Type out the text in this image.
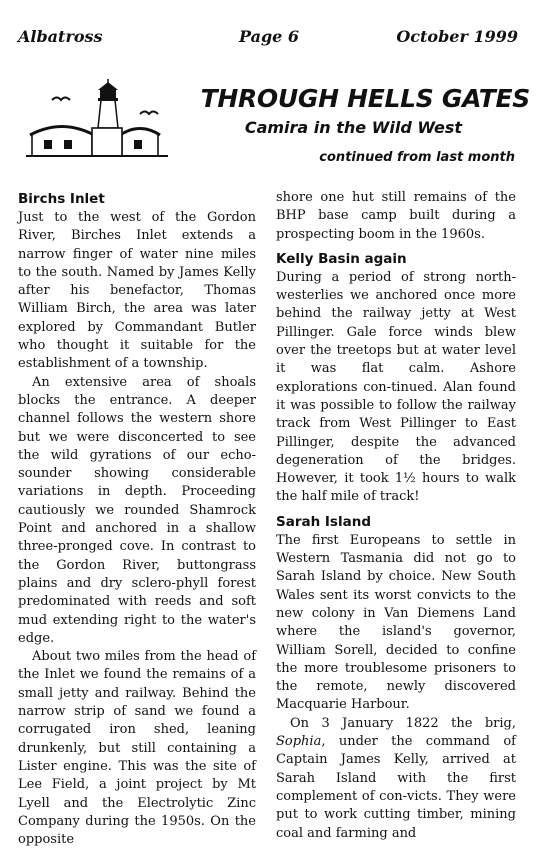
Albatross	Page 6	October 1999
THROUGH HELLS GATES
Camira in the Wild West
continued from last month
Birchs Inlet

Just to the west of the Gordon River, Birches Inlet extends a narrow finger of water nine miles to the south. Named by James Kelly after his benefactor, Thomas William Birch, the area was later explored by Commandant Butler who thought it suitable for the establishment of a township.

An extensive area of shoals blocks the entrance. A deeper channel follows the western shore but we were disconcerted to see the wild gyrations of our echo-sounder showing considerable variations in depth. Proceeding cautiously we rounded Shamrock Point and anchored in a shallow three-pronged cove. In contrast to the Gordon River, buttongrass plains and dry sclero-phyll forest predominated with reeds and soft mud extending right to the water's edge.

About two miles from the head of the Inlet we found the remains of a small jetty and railway. Behind the narrow strip of sand we found a corrugated iron shed, leaning drunkenly, but still containing a Lister engine. This was the site of Lee Field, a joint project by Mt Lyell and the Electrolytic Zinc Company during the 1950s. On the opposite

shore one hut still remains of the BHP base camp built during a prospecting boom in the 1960s.

Kelly Basin again

During a period of strong north-westerlies we anchored once more behind the railway jetty at West Pillinger. Gale force winds blew over the treetops but at water level it was flat calm. Ashore explorations con-tinued. Alan found it was possible to follow the railway track from West Pillinger to East Pillinger, despite the advanced degeneration of the bridges. However, it took 1½ hours to walk the half mile of track!

Sarah Island

The first Europeans to settle in Western Tasmania did not go to Sarah Island by choice. New South Wales sent its worst convicts to the new colony in Van Diemens Land where the island's governor, William Sorell, decided to confine the more troublesome prisoners to the remote, newly discovered Macquarie Harbour.

On 3 January 1822 the brig, Sophia, under the command of Captain James Kelly, arrived at Sarah Island with the first complement of con-victs. They were put to work cutting timber, mining coal and farming and
